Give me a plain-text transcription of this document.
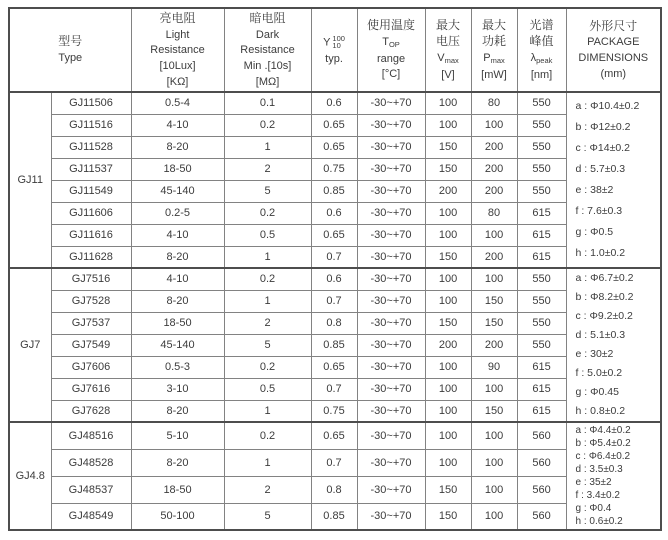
型号
Type		亮电阻
Light
Resistance
[10Lux]
[KΩ]	暗电阻
Dark
Resistance
Min .[10s]
[MΩ]	Y 100
10
typ.	使用温度
$T_{OP}$
range
[°C]	最大
电压
$V_{max}$
[V]	最大
功耗
$P_{max}$
[mW]	光谱
峰值
$\lambda_{peak}$
[nm]	外形尺寸
PACKAGE
DIMENSIONS
(mm)

GJ11	GJ11506	0.5-4	0.1	0.6	-30~+70	100	80	550	a : Φ10.4±0.2
b : Φ12±0.2
c : Φ14±0.2
d : 5.7±0.3
e : 38±2
f : 7.6±0.3
g : Φ0.5
h : 1.0±0.2

	GJ11516	4-10	0.2	0.65	-30~+70	100	100	550	
	GJ11528	8-20	1	0.65	-30~+70	150	200	550	
	GJ11537	18-50	2	0.75	-30~+70	150	200	550	
	GJ11549	45-140	5	0.85	-30~+70	200	200	550	
	GJ11606	0.2-5	0.2	0.6	-30~+70	100	80	615	
	GJ11616	4-10	0.5	0.65	-30~+70	100	100	615	
	GJ11628	8-20	1	0.7	-30~+70	150	200	615	
GJ7	GJ7516	4-10	0.2	0.6	-30~+70	100	100	550	a : Φ6.7±0.2
b : Φ8.2±0.2
c : Φ9.2±0.2
d : 5.1±0.3
e : 30±2
f : 5.0±0.2
g : Φ0.45
h : 0.8±0.2

	GJ7528	8-20	1	0.7	-30~+70	100	150	550	
	GJ7537	18-50	2	0.8	-30~+70	150	150	550	
	GJ7549	45-140	5	0.85	-30~+70	200	200	550	
	GJ7606	0.5-3	0.2	0.65	-30~+70	100	90	615	
	GJ7616	3-10	0.5	0.7	-30~+70	100	100	615	
	GJ7628	8-20	1	0.75	-30~+70	100	150	615	
GJ4.8	GJ48516	5-10	0.2	0.65	-30~+70	100	100	560	a : Φ4.4±0.2
b : Φ5.4±0.2
c : Φ6.4±0.2
d : 3.5±0.3
e : 35±2
f : 3.4±0.2
g : Φ0.4
h : 0.6±0.2

	GJ48528	8-20	1	0.7	-30~+70	100	100	560	
	GJ48537	18-50	2	0.8	-30~+70	150	100	560	
	GJ48549	50-100	5	0.85	-30~+70	150	100	560	
